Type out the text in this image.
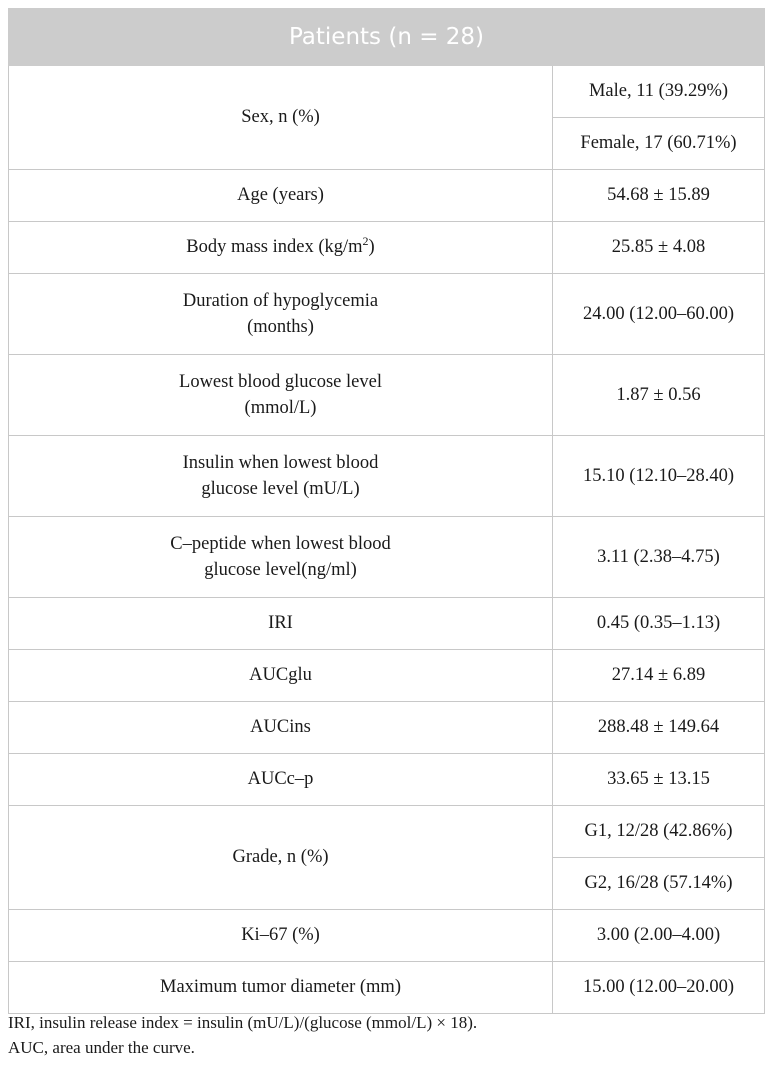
Patients (n = 28)	
Sex, n (%)	Male, 11 (39.29%)
	Female, 17 (60.71%)
Age (years)	54.68 ± 15.89
Body mass index $(kg/m^2)$	25.85 ± 4.08
Duration of hypoglycemia
(months)	24.00 (12.00–60.00)
Lowest blood glucose level
(mmol/L)	1.87 ± 0.56
Insulin when lowest blood
glucose level (mU/L)	15.10 (12.10–28.40)
C–peptide when lowest blood
glucose level(ng/ml)	3.11 (2.38–4.75)
IRI	0.45 (0.35–1.13)
AUCglu	27.14 ± 6.89
AUCins	288.48 ± 149.64
AUCc–p	33.65 ± 13.15
Grade, n (%)	G1, 12/28 (42.86%)
	G2, 16/28 (57.14%)
Ki–67 (%)	3.00 (2.00–4.00)
Maximum tumor diameter (mm)	15.00 (12.00–20.00)
IRI, insulin release index = insulin (mU/L)/(glucose (mmol/L) × 18).
AUC, area under the curve.
